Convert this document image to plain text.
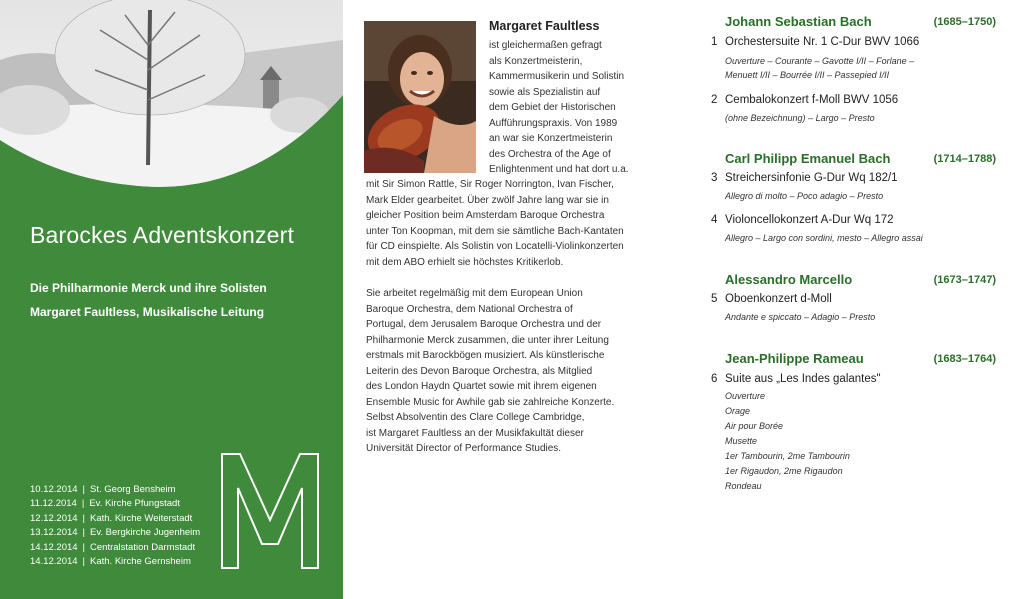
Barockes Adventskonzert
Die Philharmonie Merck und ihre Solisten
Margaret Faultless, Musikalische Leitung
10.12.2014 | St. Georg Bensheim
11.12.2014 | Ev. Kirche Pfungstadt
12.12.2014 | Kath. Kirche Weiterstadt
13.12.2014 | Ev. Bergkirche Jugenheim
14.12.2014 | Centralstation Darmstadt
14.12.2014 | Kath. Kirche Gernsheim
Margaret Faultless
ist gleichermaßen gefragt
als Konzertmeisterin,
Kammermusikerin und Solistin
sowie als Spezialistin auf
dem Gebiet der Historischen
Aufführungspraxis. Von 1989
an war sie Konzertmeisterin
des Orchestra of the Age of
Enlightenment und hat dort u.a.
mit Sir Simon Rattle, Sir Roger Norrington, Ivan Fischer,
Mark Elder gearbeitet. Über zwölf Jahre lang war sie in
gleicher Position beim Amsterdam Baroque Orchestra
unter Ton Koopman, mit dem sie sämtliche Bach-Kantaten
für CD einspielte. Als Solistin von Locatelli-Violinkonzerten
mit dem ABO erhielt sie höchstes Kritikerlob.
Sie arbeitet regelmäßig mit dem European Union
Baroque Orchestra, dem National Orchestra of
Portugal, dem Jerusalem Baroque Orchestra und der
Philharmonie Merck zusammen, die unter ihrer Leitung
erstmals mit Barockbögen musiziert. Als künstlerische
Leiterin des Devon Baroque Orchestra, als Mitglied
des London Haydn Quartet sowie mit ihrem eigenen
Ensemble Music for Awhile gab sie zahlreiche Konzerte.
Selbst Absolventin des Clare College Cambridge,
ist Margaret Faultless an der Musikfakultät dieser
Universität Director of Performance Studies.
Johann Sebastian Bach	(1685–1750)
1 Orchestersuite Nr. 1 C-Dur BWV 1066
Ouverture – Courante – Gavotte I/II – Forlane –
Menuett I/II – Bourrée I/II – Passepied I/II
2 Cembalokonzert f-Moll BWV 1056
(ohne Bezeichnung) – Largo – Presto
Carl Philipp Emanuel Bach	(1714–1788)
3 Streichersinfonie G-Dur Wq 182/1
Allegro di molto – Poco adagio – Presto
4 Violoncellokonzert A-Dur Wq 172
Allegro – Largo con sordini, mesto – Allegro assai
Alessandro Marcello	(1673–1747)
5 Oboenkonzert d-Moll
Andante e spiccato – Adagio – Presto
Jean-Philippe Rameau	(1683–1764)
6 Suite aus „Les Indes galantes"
Ouverture
Orage
Air pour Borée
Musette
1er Tambourin, 2me Tambourin
1er Rigaudon, 2me Rigaudon
Rondeau
